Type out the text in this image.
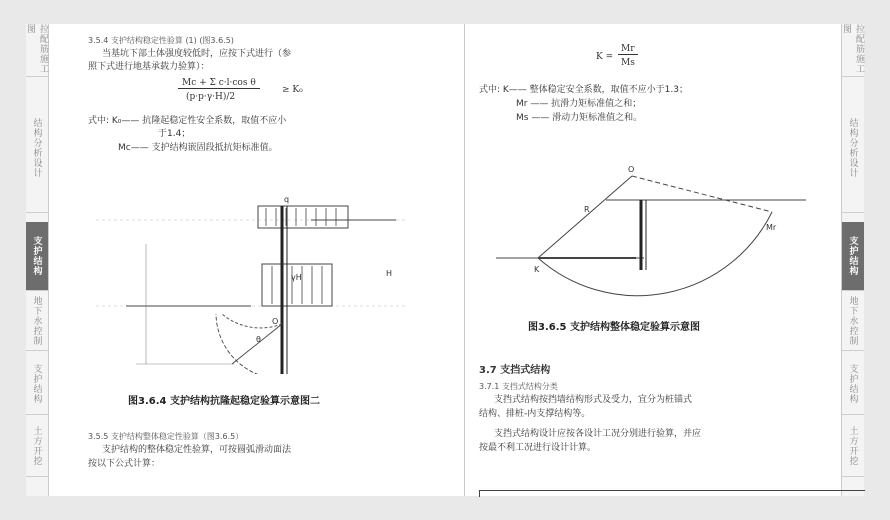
拉配筋施工图
结构分析设计
支护结构
地下水控制
支护结构
土方开挖
拉配筋施工图
结构分析设计
支护结构
地下水控制
支护结构
土方开挖
3.5.4 支护结构稳定性验算 (1) (图3.6.5)
当基坑下部土体强度较低时，应按下式进行（参
照下式进行地基承载力验算）：
Mc + Σ c·l·cos θ
(p·p·γ·H)/2
≥ K₀
式中: K₀—— 抗隆起稳定性安全系数，取值不应小
于1.4；
Mc—— 支护结构嵌固段抵抗矩标准值。
q
γH	H
θ
O
图3.6.4 支护结构抗隆起稳定验算示意图二
3.5.5 支护结构整体稳定性验算（图3.6.5）
支护结构的整体稳定性验算，可按圆弧滑动面法
按以下公式计算：
K =
Mr
Ms
式中: K—— 整体稳定安全系数，取值不应小于1.3；
Mr —— 抗滑力矩标准值之和；
Ms —— 滑动力矩标准值之和。
O
R
K
Mr
图3.6.5 支护结构整体稳定验算示意图
3.7 支挡式结构
3.7.1 支挡式结构分类
支挡式结构按挡墙结构形式及受力，宜分为桩锚式
结构、排桩-内支撑结构等。
支挡式结构设计应按各设计工况分别进行验算，并应
按最不利工况进行设计计算。
